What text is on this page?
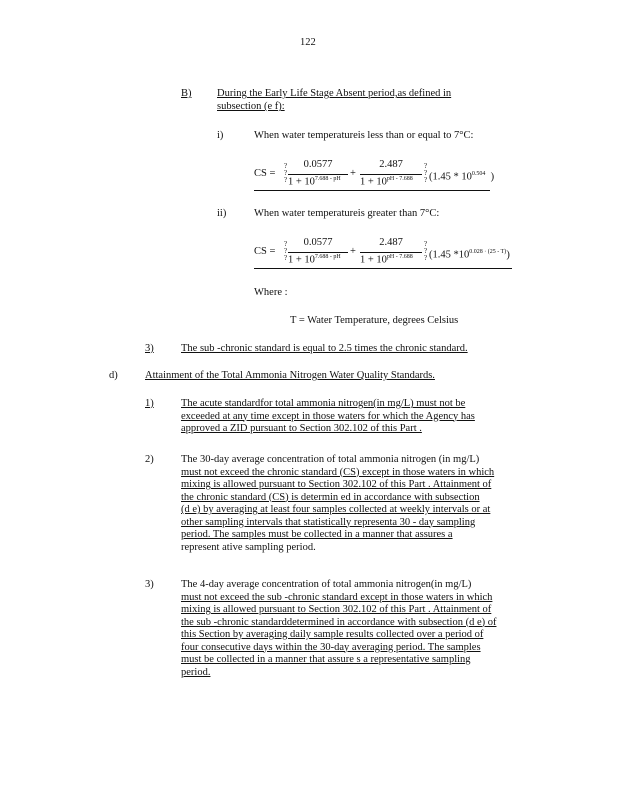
122
B) During the Early Life Stage Absent period,as defined in
subsection (e f):
i)	When water temperatureis less than or equal to 7°C:
CS =
?
?
?
0.0577
$1 + 10^{7.688 - pH}$ +
2.487
$1 + 10^{pH - 7.688}$
?
?
? ($1.45 * 10^{0.504}$ )
ii)	When water temperatureis greater than 7°C:
CS =
?
?
?
0.0577
$1 + 10^{7.688 - pH}$ +
2.487
$1 + 10^{pH - 7.688}$
?
?
? (1.45 $*10^{0.028 \cdot (25 - T)}$)
Where :
T = Water Temperature, degrees Celsius
3)	The sub -chronic standard is equal to 2.5 times the chronic standard.
d)	Attainment of the Total Ammonia Nitrogen Water Quality Standards.
1)	The acute standardfor total ammonia nitrogen(in mg/L) must not be
exceeded at any time except in those waters for which the Agency has
approved a ZID pursuant to Section 302.102 of this Part .
2)	The 30-day average concentration of total ammonia nitrogen (in mg/L)
must not exceed the chronic standard (CS) except in those waters in which
mixing is allowed pursuant to Section 302.102 of this Part . Attainment of
the chronic standard (CS) is determin ed in accordance with subsection
(d e) by averaging at least four samples collected at weekly intervals or at
other sampling intervals that statistically representa 30 - day sampling
period. The samples must be collected in a manner that assures a
represent ative sampling period.
3)	The 4-day average concentration of total ammonia nitrogen(in mg/L)
must not exceed the sub -chronic standard except in those waters in which
mixing is allowed pursuant to Section 302.102 of this Part . Attainment of
the sub -chronic standarddetermined in accordance with subsection (d e) of
this Section by averaging daily sample results collected over a period of
four consecutive days within the 30-day averaging period. The samples
must be collected in a manner that assure s a representative sampling
period.
